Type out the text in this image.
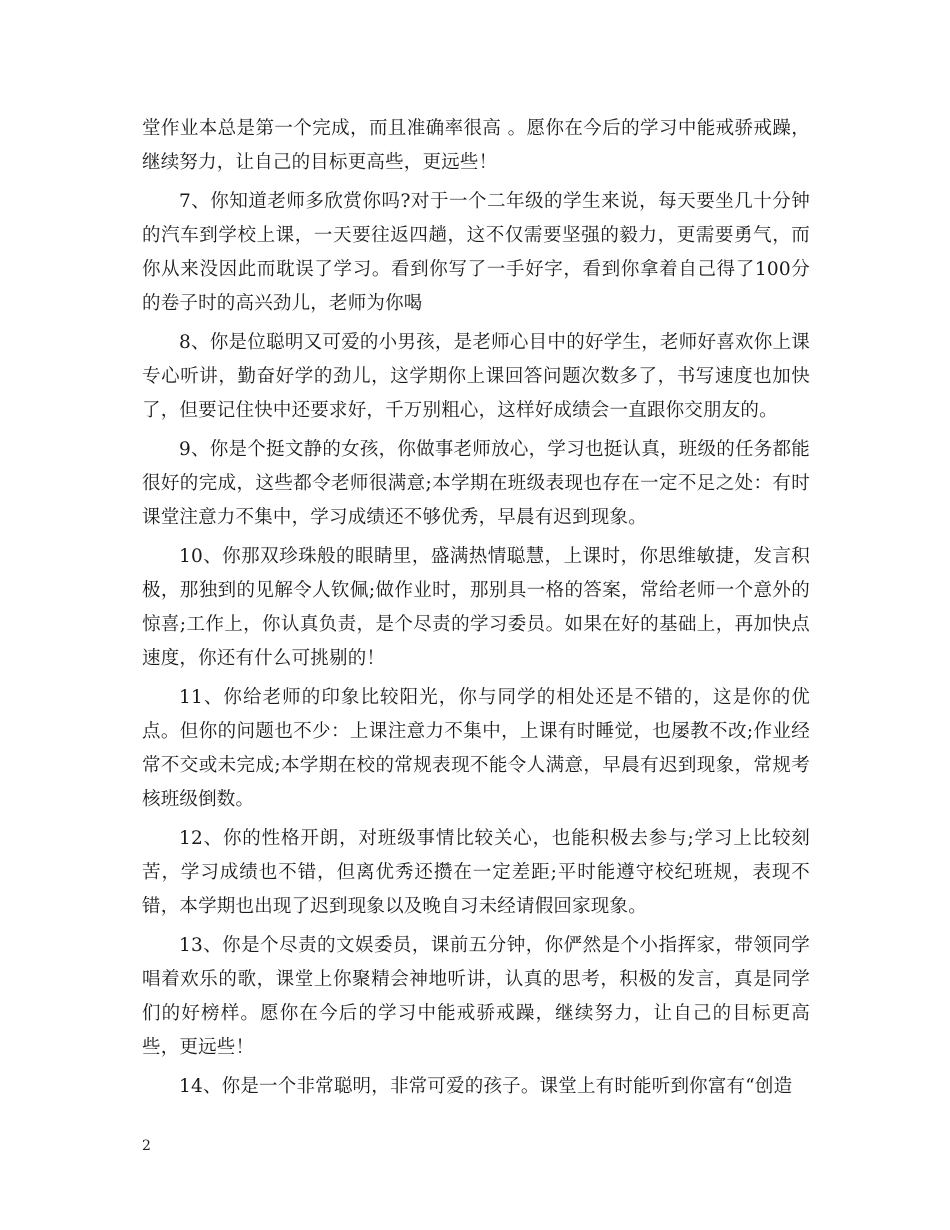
堂作业本总是第一个完成，而且准确率很高 。愿你在今后的学习中能戒骄戒躁，继续努力，让自己的目标更高些，更远些！

7、你知道老师多欣赏你吗?对于一个二年级的学生来说，每天要坐几十分钟的汽车到学校上课，一天要往返四趟，这不仅需要坚强的毅力，更需要勇气，而你从来没因此而耽误了学习。看到你写了一手好字，看到你拿着自己得了100分的卷子时的高兴劲儿，老师为你喝

8、你是位聪明又可爱的小男孩，是老师心目中的好学生，老师好喜欢你上课专心听讲，勤奋好学的劲儿，这学期你上课回答问题次数多了，书写速度也加快了，但要记住快中还要求好，千万别粗心，这样好成绩会一直跟你交朋友的。

9、你是个挺文静的女孩，你做事老师放心，学习也挺认真，班级的任务都能很好的完成，这些都令老师很满意;本学期在班级表现也存在一定不足之处：有时课堂注意力不集中，学习成绩还不够优秀，早晨有迟到现象。

10、你那双珍珠般的眼睛里，盛满热情聪慧，上课时，你思维敏捷，发言积极，那独到的见解令人钦佩;做作业时，那别具一格的答案，常给老师一个意外的惊喜;工作上，你认真负责，是个尽责的学习委员。如果在好的基础上，再加快点速度，你还有什么可挑剔的！

11、你给老师的印象比较阳光，你与同学的相处还是不错的，这是你的优点。但你的问题也不少：上课注意力不集中，上课有时睡觉，也屡教不改;作业经常不交或未完成;本学期在校的常规表现不能令人满意，早晨有迟到现象，常规考核班级倒数。

12、你的性格开朗，对班级事情比较关心，也能积极去参与;学习上比较刻苦，学习成绩也不错，但离优秀还攒在一定差距;平时能遵守校纪班规，表现不错，本学期也出现了迟到现象以及晚自习未经请假回家现象。

13、你是个尽责的文娱委员，课前五分钟，你俨然是个小指挥家，带领同学唱着欢乐的歌，课堂上你聚精会神地听讲，认真的思考，积极的发言，真是同学们的好榜样。愿你在今后的学习中能戒骄戒躁，继续努力，让自己的目标更高些，更远些！

14、你是一个非常聪明，非常可爱的孩子。课堂上有时能听到你富有“创造

2
